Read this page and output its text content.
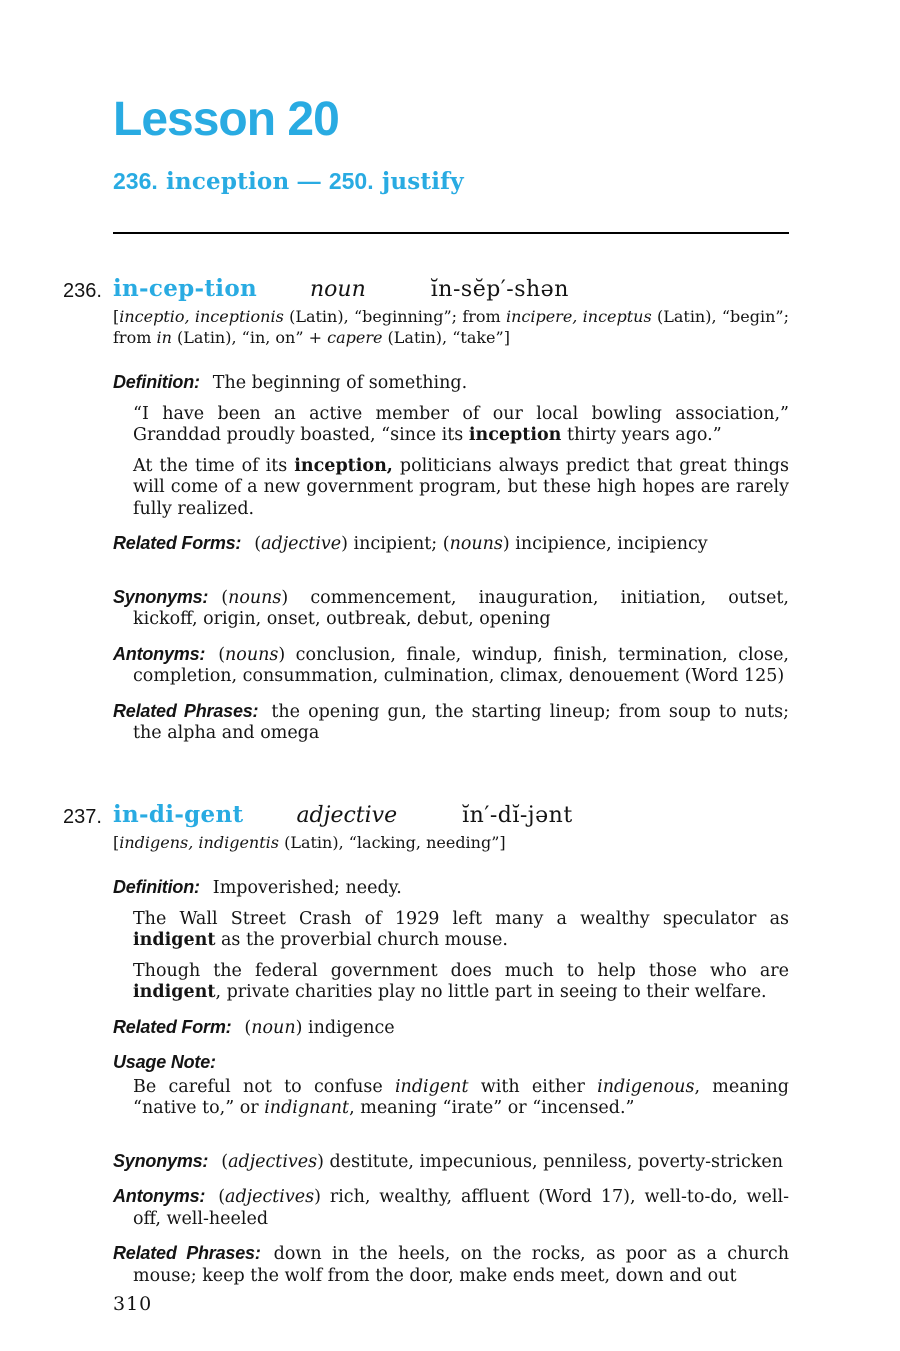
Lesson 20
236. inception — 250. justify
236. in-cep-tion noun	ĭn-sĕp′-shən

[inceptio, inceptionis (Latin), “beginning”; from incipere, inceptus (Latin), “begin”; from in (Latin), “in, on” + capere (Latin), “take”]

Definition: The beginning of something.

“I have been an active member of our local bowling association,” Granddad proudly boasted, “since its inception thirty years ago.”

At the time of its inception, politicians always predict that great things will come of a new government program, but these high hopes are rarely fully realized.

Related Forms: (adjective) incipient; (nouns) incipience, incipiency

Synonyms: (nouns) commencement, inauguration, initiation, outset, kickoff, origin, onset, outbreak, debut, opening

Antonyms: (nouns) conclusion, finale, windup, finish, termination, close, completion, consummation, culmination, climax, denouement (Word 125)

Related Phrases: the opening gun, the starting lineup; from soup to nuts; the alpha and omega

237. in-di-gent adjective	ĭn′-dĭ-jənt

[indigens, indigentis (Latin), “lacking, needing”]

Definition: Impoverished; needy.

The Wall Street Crash of 1929 left many a wealthy speculator as indigent as the proverbial church mouse.

Though the federal government does much to help those who are indigent, private charities play no little part in seeing to their welfare.

Related Form: (noun) indigence

Usage Note:

Be careful not to confuse indigent with either indigenous, meaning “native to,” or indignant, meaning “irate” or “incensed.”

Synonyms: (adjectives) destitute, impecunious, penniless, poverty-stricken

Antonyms: (adjectives) rich, wealthy, affluent (Word 17), well-to-do, well-off, well-heeled

Related Phrases: down in the heels, on the rocks, as poor as a church mouse; keep the wolf from the door, make ends meet, down and out

310
